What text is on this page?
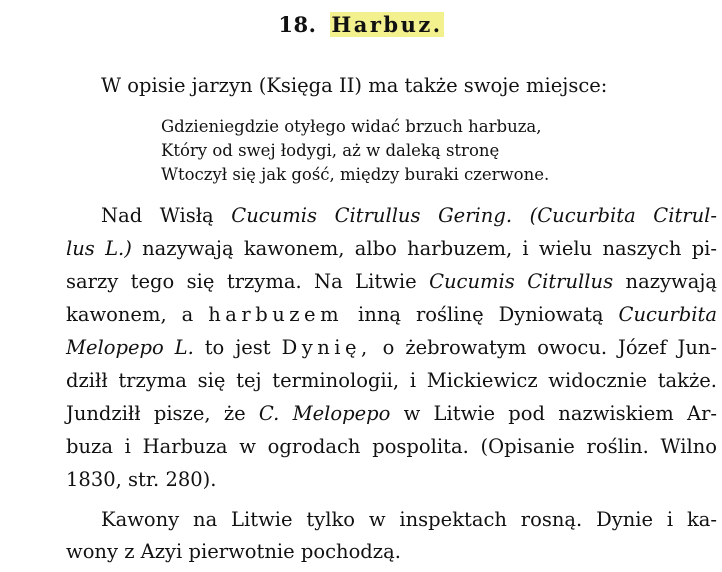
18. Harbuz.
W opisie jarzyn (Księga II) ma także swoje miejsce:
Gdzieniegdzie otyłego widać brzuch harbuza,
Który od swej łodygi, aż w daleką stronę
Wtoczył się jak gość, między buraki czerwone.
Nad Wisłą Cucumis Citrullus Gering. (Cucurbita Citrul-
lus L.) nazywają kawonem, albo harbuzem, i wielu naszych pi-
sarzy tego się trzyma. Na Litwie Cucumis Citrullus nazywają
kawonem, a harbuzem inną roślinę Dyniowatą Cucurbita
Melopepo L. to jest Dynię, o żebrowatym owocu. Józef Jun-
dziłł trzyma się tej terminologii, i Mickiewicz widocznie także.
Jundziłł pisze, że C. Melopepo w Litwie pod nazwiskiem Ar-
buza i Harbuza w ogrodach pospolita. (Opisanie roślin. Wilno
1830, str. 280).
Kawony na Litwie tylko w inspektach rosną. Dynie i ka-
wony z Azyi pierwotnie pochodzą.
